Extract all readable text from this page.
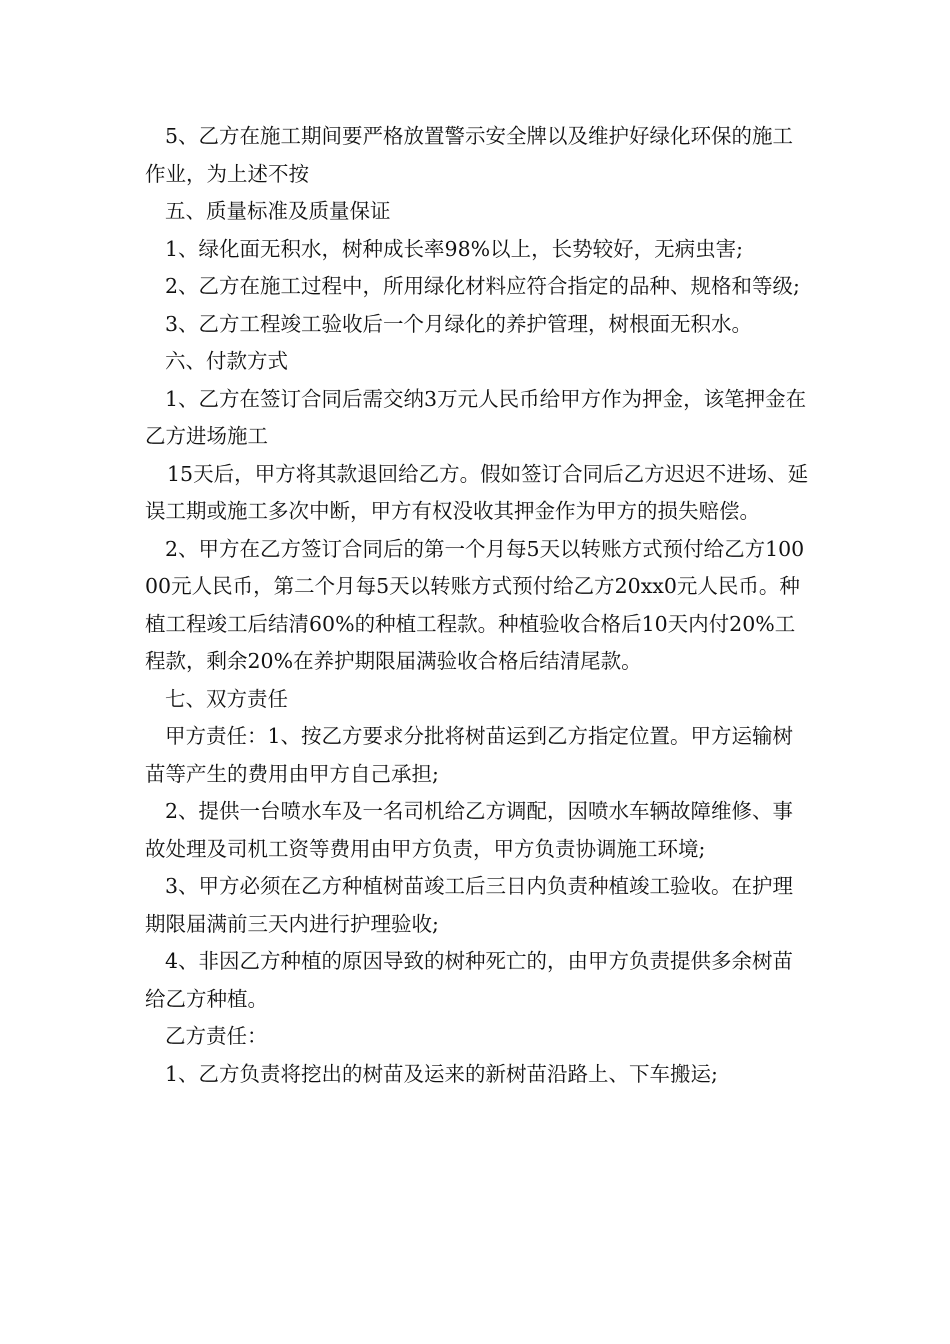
5、乙方在施工期间要严格放置警示安全牌以及维护好绿化环保的施工作业，为上述不按

五、质量标准及质量保证

1、绿化面无积水，树种成长率98%以上，长势较好，无病虫害;

2、乙方在施工过程中，所用绿化材料应符合指定的品种、规格和等级;

3、乙方工程竣工验收后一个月绿化的养护管理，树根面无积水。

六、付款方式

1、乙方在签订合同后需交纳3万元人民币给甲方作为押金，该笔押金在乙方进场施工

15天后，甲方将其款退回给乙方。假如签订合同后乙方迟迟不进场、延误工期或施工多次中断，甲方有权没收其押金作为甲方的损失赔偿。

2、甲方在乙方签订合同后的第一个月每5天以转账方式预付给乙方10000元人民币，第二个月每5天以转账方式预付给乙方20xx0元人民币。种植工程竣工后结清60%的种植工程款。种植验收合格后10天内付20%工程款，剩余20%在养护期限届满验收合格后结清尾款。

七、双方责任

甲方责任：1、按乙方要求分批将树苗运到乙方指定位置。甲方运输树苗等产生的费用由甲方自己承担;

2、提供一台喷水车及一名司机给乙方调配，因喷水车辆故障维修、事故处理及司机工资等费用由甲方负责，甲方负责协调施工环境;

3、甲方必须在乙方种植树苗竣工后三日内负责种植竣工验收。在护理期限届满前三天内进行护理验收;

4、非因乙方种植的原因导致的树种死亡的，由甲方负责提供多余树苗给乙方种植。

乙方责任：

1、乙方负责将挖出的树苗及运来的新树苗沿路上、下车搬运;
